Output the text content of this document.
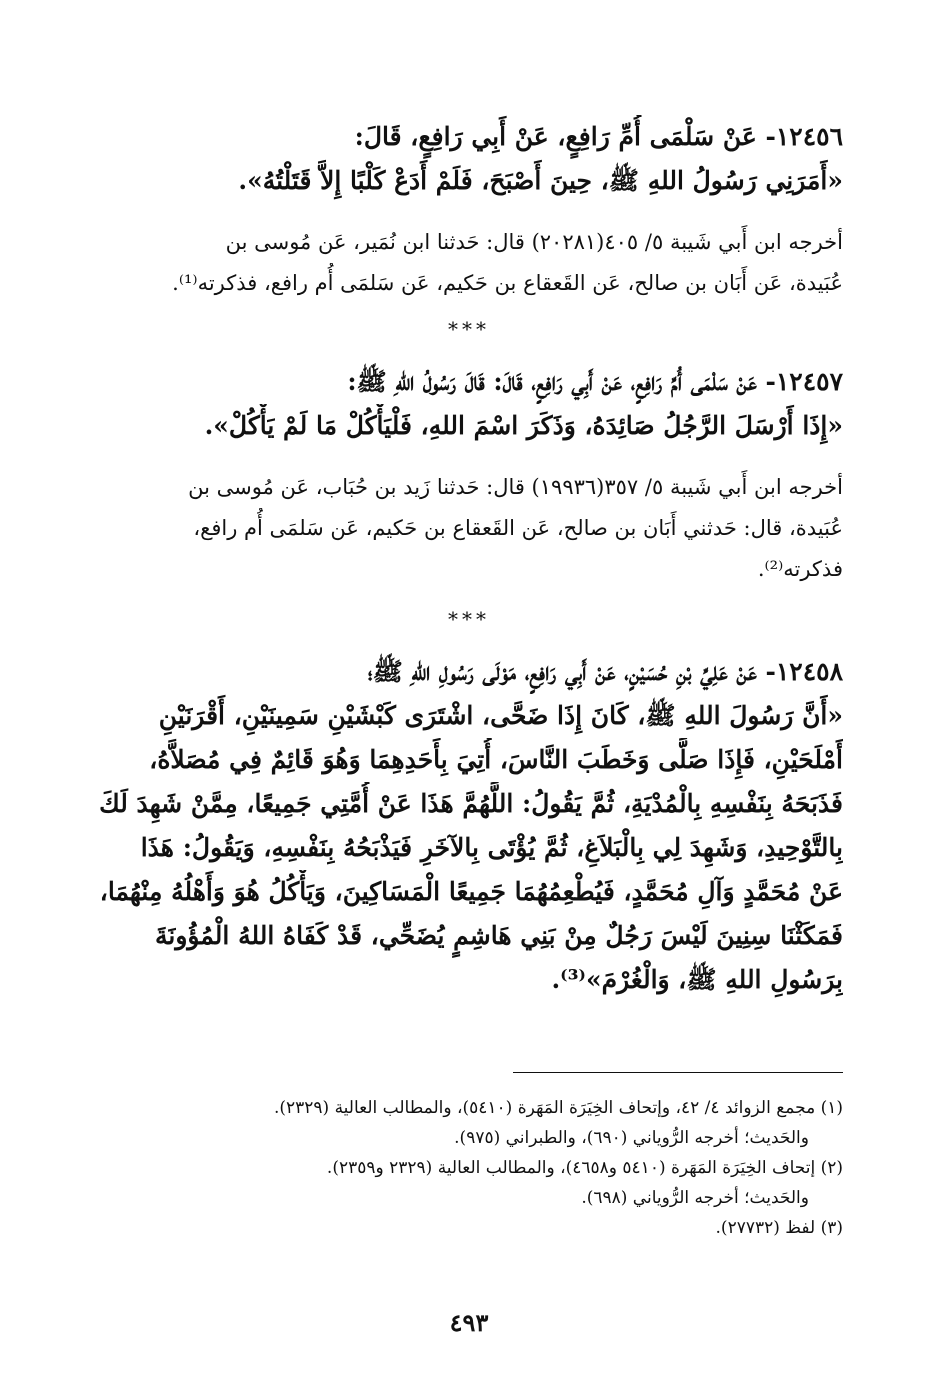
١٢٤٥٦- عَنْ سَلْمَى أُمِّ رَافِعٍ، عَنْ أَبِي رَافِعٍ، قَالَ:
«أَمَرَنِي رَسُولُ اللهِ ﷺ، حِينَ أَصْبَحَ، فَلَمْ أَدَعْ كَلْبًا إِلاَّ قَتَلْتُهُ».
أخرجه ابن أَبي شَيبة ٥/ ٤٠٥(٢٠٢٨١) قال: حَدثنا ابن نُمَير، عَن مُوسى بن
عُبَيدة، عَن أَبَان بن صالح، عَن القَعقاع بن حَكيم، عَن سَلمَى أُم رافع، فذكرته⁽¹⁾.
***
١٢٤٥٧- عَنْ سَلْمَى أُمِّ رَافِعٍ، عَنْ أَبِي رَافِعٍ، قَالَ: قَالَ رَسُولُ اللهِ ﷺ:
«إِذَا أَرْسَلَ الرَّجُلُ صَائِدَهُ، وَذَكَرَ اسْمَ اللهِ، فَلْيَأْكُلْ مَا لَمْ يَأْكُلْ».
أخرجه ابن أَبي شَيبة ٥/ ٣٥٧(١٩٩٣٦) قال: حَدثنا زَيد بن حُبَاب، عَن مُوسى بن
عُبَيدة، قال: حَدثني أَبَان بن صالح، عَن القَعقاع بن حَكيم، عَن سَلمَى أُم رافع،
فذكرته⁽²⁾.
***
١٢٤٥٨- عَنْ عَلِيِّ بْنِ حُسَيْنٍ، عَنْ أَبِي رَافِعٍ، مَوْلَى رَسُولِ اللهِ ﷺ؛
«أَنَّ رَسُولَ اللهِ ﷺ، كَانَ إِذَا ضَحَّى، اشْتَرَى كَبْشَيْنِ سَمِينَيْنِ، أَقْرَنَيْنِ
أَمْلَحَيْنِ، فَإِذَا صَلَّى وَخَطَبَ النَّاسَ، أُتِيَ بِأَحَدِهِمَا وَهُوَ قَائِمٌ فِي مُصَلاَّهُ،
فَذَبَحَهُ بِنَفْسِهِ بِالْمُدْيَةِ، ثُمَّ يَقُولُ: اللَّهُمَّ هَذَا عَنْ أُمَّتِي جَمِيعًا، مِمَّنْ شَهِدَ لَكَ
بِالتَّوْحِيدِ، وَشَهِدَ لِي بِالْبَلاَغِ، ثُمَّ يُؤْتَى بِالآخَرِ فَيَذْبَحُهُ بِنَفْسِهِ، وَيَقُولُ: هَذَا
عَنْ مُحَمَّدٍ وَآلِ مُحَمَّدٍ، فَيُطْعِمُهُمَا جَمِيعًا الْمَسَاكِينَ، وَيَأْكُلُ هُوَ وَأَهْلُهُ مِنْهُمَا،
فَمَكَثْنَا سِنِينَ لَيْسَ رَجُلٌ مِنْ بَنِي هَاشِمٍ يُضَحِّي، قَدْ كَفَاهُ اللهُ الْمُؤُونَةَ
بِرَسُولِ اللهِ ﷺ، وَالْغُرْمَ»⁽³⁾.
(١) مجمع الزوائد ٤/ ٤٢، وإتحاف الخِيَرَة المَهَرة (٥٤١٠)، والمطالب العالية (٢٣٢٩).
والحَديث؛ أخرجه الرُّوياني (٦٩٠)، والطبراني (٩٧٥).
(٢) إتحاف الخِيَرَة المَهَرة (٥٤١٠ و٤٦٥٨)، والمطالب العالية (٢٣٢٩ و٢٣٥٩).
والحَديث؛ أخرجه الرُّوياني (٦٩٨).
(٣) لفظ (٢٧٧٣٢).
٤٩٣
